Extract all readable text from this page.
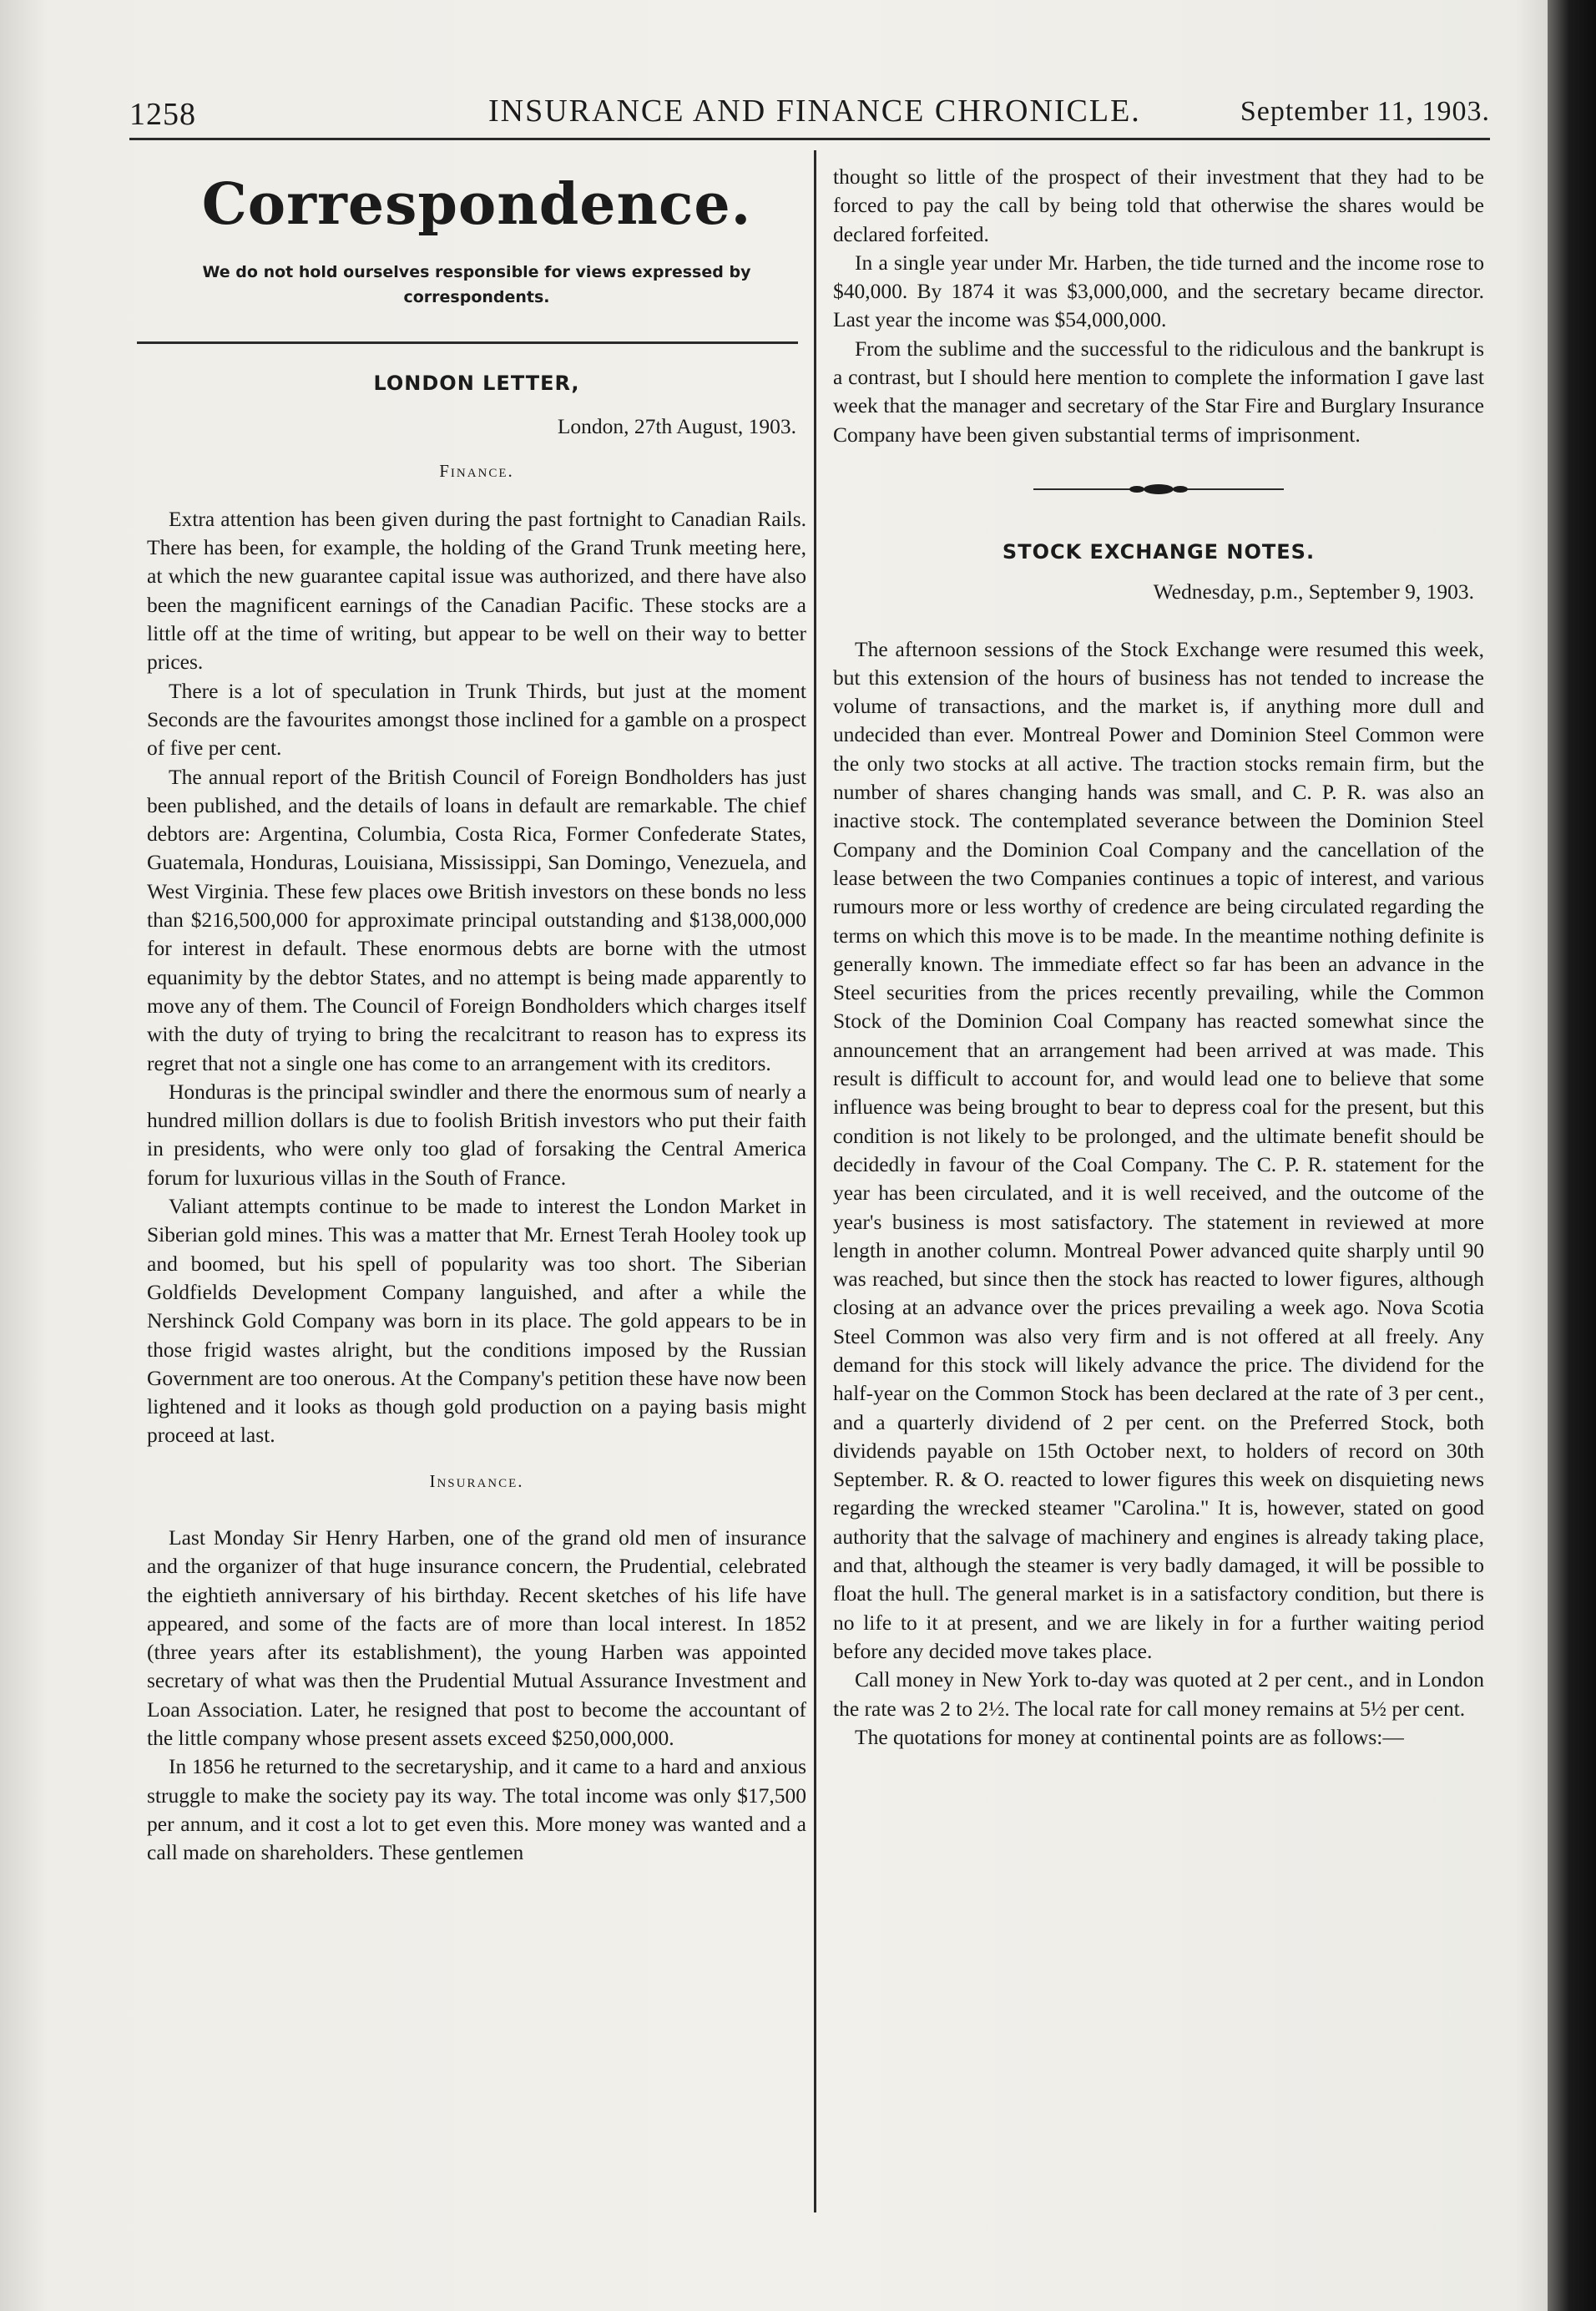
1258	INSURANCE AND FINANCE CHRONICLE.	September 11, 1903.
Correspondence.
We do not hold ourselves responsible for views expressed by correspondents.
LONDON LETTER,
London, 27th August, 1903.
Finance.

Extra attention has been given during the past fortnight to Canadian Rails. There has been, for example, the holding of the Grand Trunk meeting here, at which the new guarantee capital issue was authorized, and there have also been the magnificent earnings of the Canadian Pacific. These stocks are a little off at the time of writing, but appear to be well on their way to better prices.

There is a lot of speculation in Trunk Thirds, but just at the moment Seconds are the favourites amongst those inclined for a gamble on a prospect of five per cent.

The annual report of the British Council of Foreign Bondholders has just been published, and the details of loans in default are remarkable. The chief debtors are: Argentina, Columbia, Costa Rica, Former Confederate States, Guatemala, Honduras, Louisiana, Mississippi, San Domingo, Venezuela, and West Virginia. These few places owe British investors on these bonds no less than $216,500,000 for approximate principal outstanding and $138,000,000 for interest in default. These enormous debts are borne with the utmost equanimity by the debtor States, and no attempt is being made apparently to move any of them. The Council of Foreign Bondholders which charges itself with the duty of trying to bring the recalcitrant to reason has to express its regret that not a single one has come to an arrangement with its creditors.

Honduras is the principal swindler and there the enormous sum of nearly a hundred million dollars is due to foolish British investors who put their faith in presidents, who were only too glad of forsaking the Central America forum for luxurious villas in the South of France.

Valiant attempts continue to be made to interest the London Market in Siberian gold mines. This was a matter that Mr. Ernest Terah Hooley took up and boomed, but his spell of popularity was too short. The Siberian Goldfields Development Company languished, and after a while the Nershinck Gold Company was born in its place. The gold appears to be in those frigid wastes alright, but the conditions imposed by the Russian Government are too onerous. At the Company's petition these have now been lightened and it looks as though gold production on a paying basis might proceed at last.

Insurance.

Last Monday Sir Henry Harben, one of the grand old men of insurance and the organizer of that huge insurance concern, the Prudential, celebrated the eightieth anniversary of his birthday. Recent sketches of his life have appeared, and some of the facts are of more than local interest. In 1852 (three years after its establishment), the young Harben was appointed secretary of what was then the Prudential Mutual Assurance Investment and Loan Association. Later, he resigned that post to become the accountant of the little company whose present assets exceed $250,000,000.

In 1856 he returned to the secretaryship, and it came to a hard and anxious struggle to make the society pay its way. The total income was only $17,500 per annum, and it cost a lot to get even this. More money was wanted and a call made on shareholders. These gentlemen

thought so little of the prospect of their investment that they had to be forced to pay the call by being told that otherwise the shares would be declared forfeited.

In a single year under Mr. Harben, the tide turned and the income rose to $40,000. By 1874 it was $3,000,000, and the secretary became director. Last year the income was $54,000,000.

From the sublime and the successful to the ridiculous and the bankrupt is a contrast, but I should here mention to complete the information I gave last week that the manager and secretary of the Star Fire and Burglary Insurance Company have been given substantial terms of imprisonment.

STOCK EXCHANGE NOTES.
Wednesday, p.m., September 9, 1903.

The afternoon sessions of the Stock Exchange were resumed this week, but this extension of the hours of business has not tended to increase the volume of transactions, and the market is, if anything more dull and undecided than ever. Montreal Power and Dominion Steel Common were the only two stocks at all active. The traction stocks remain firm, but the number of shares changing hands was small, and C. P. R. was also an inactive stock. The contemplated severance between the Dominion Steel Company and the Dominion Coal Company and the cancellation of the lease between the two Companies continues a topic of interest, and various rumours more or less worthy of credence are being circulated regarding the terms on which this move is to be made. In the meantime nothing definite is generally known. The immediate effect so far has been an advance in the Steel securities from the prices recently prevailing, while the Common Stock of the Dominion Coal Company has reacted somewhat since the announcement that an arrangement had been arrived at was made. This result is difficult to account for, and would lead one to believe that some influence was being brought to bear to depress coal for the present, but this condition is not likely to be prolonged, and the ultimate benefit should be decidedly in favour of the Coal Company. The C. P. R. statement for the year has been circulated, and it is well received, and the outcome of the year's business is most satisfactory. The statement in reviewed at more length in another column. Montreal Power advanced quite sharply until 90 was reached, but since then the stock has reacted to lower figures, although closing at an advance over the prices prevailing a week ago. Nova Scotia Steel Common was also very firm and is not offered at all freely. Any demand for this stock will likely advance the price. The dividend for the half-year on the Common Stock has been declared at the rate of 3 per cent., and a quarterly dividend of 2 per cent. on the Preferred Stock, both dividends payable on 15th October next, to holders of record on 30th September. R. & O. reacted to lower figures this week on disquieting news regarding the wrecked steamer "Carolina." It is, however, stated on good authority that the salvage of machinery and engines is already taking place, and that, although the steamer is very badly damaged, it will be possible to float the hull. The general market is in a satisfactory condition, but there is no life to it at present, and we are likely in for a further waiting period before any decided move takes place.

Call money in New York to-day was quoted at 2 per cent., and in London the rate was 2 to 2½. The local rate for call money remains at 5½ per cent.

The quotations for money at continental points are as follows:—
